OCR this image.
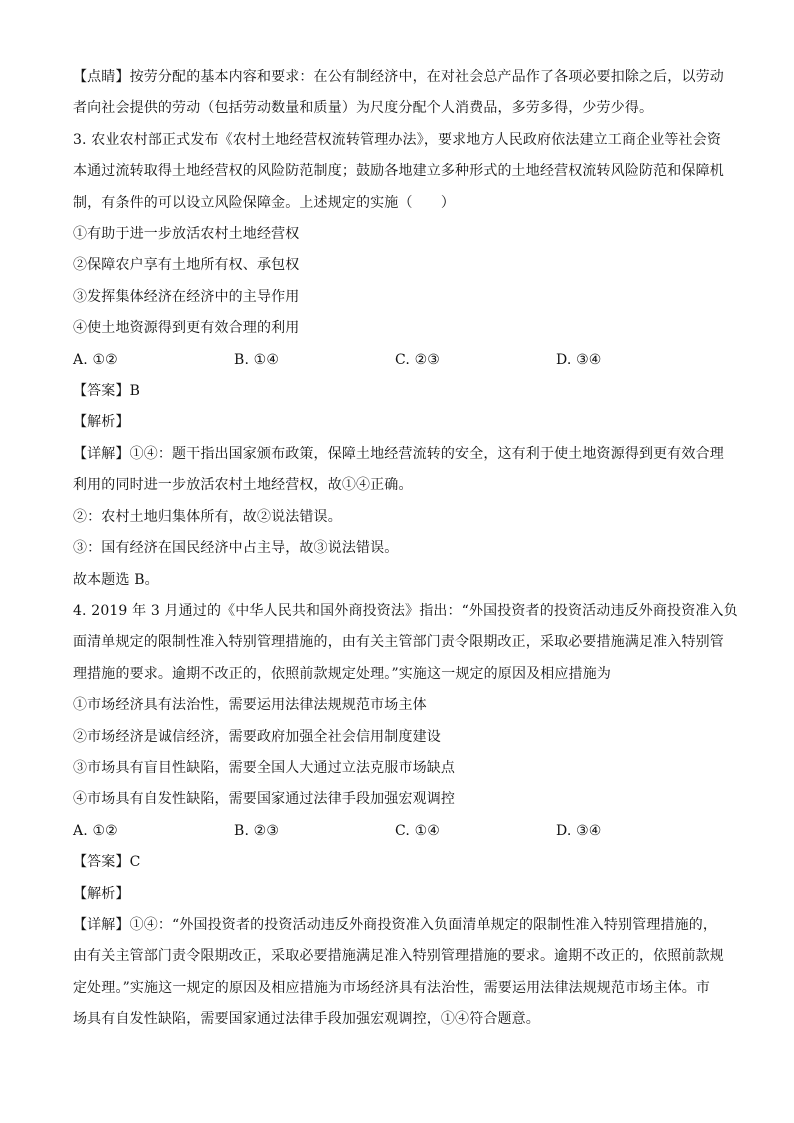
【点睛】按劳分配的基本内容和要求：在公有制经济中，在对社会总产品作了各项必要扣除之后，以劳动
者向社会提供的劳动（包括劳动数量和质量）为尺度分配个人消费品，多劳多得，少劳少得。
3. 农业农村部正式发布《农村土地经营权流转管理办法》，要求地方人民政府依法建立工商企业等社会资
本通过流转取得土地经营权的风险防范制度；鼓励各地建立多种形式的土地经营权流转风险防范和保障机
制，有条件的可以设立风险保障金。上述规定的实施（　　）
①有助于进一步放活农村土地经营权
②保障农户享有土地所有权、承包权
③发挥集体经济在经济中的主导作用
④使土地资源得到更有效合理的利用
A. ①②	B. ①④	C. ②③	D. ③④
【答案】B
【解析】
【详解】①④：题干指出国家颁布政策，保障土地经营流转的安全，这有利于使土地资源得到更有效合理
利用的同时进一步放活农村土地经营权，故①④正确。
②：农村土地归集体所有，故②说法错误。
③：国有经济在国民经济中占主导，故③说法错误。
故本题选 B。
4. 2019 年 3 月通过的《中华人民共和国外商投资法》指出：“外国投资者的投资活动违反外商投资准入负
面清单规定的限制性准入特别管理措施的，由有关主管部门责令限期改正，采取必要措施满足准入特别管
理措施的要求。逾期不改正的，依照前款规定处理。”实施这一规定的原因及相应措施为
①市场经济具有法治性，需要运用法律法规规范市场主体
②市场经济是诚信经济，需要政府加强全社会信用制度建设
③市场具有盲目性缺陷，需要全国人大通过立法克服市场缺点
④市场具有自发性缺陷，需要国家通过法律手段加强宏观调控
A. ①②	B. ②③	C. ①④	D. ③④
【答案】C
【解析】
【详解】①④：“外国投资者的投资活动违反外商投资准入负面清单规定的限制性准入特别管理措施的，
由有关主管部门责令限期改正，采取必要措施满足准入特别管理措施的要求。逾期不改正的，依照前款规
定处理。”实施这一规定的原因及相应措施为市场经济具有法治性，需要运用法律法规规范市场主体。市
场具有自发性缺陷，需要国家通过法律手段加强宏观调控，①④符合题意。
